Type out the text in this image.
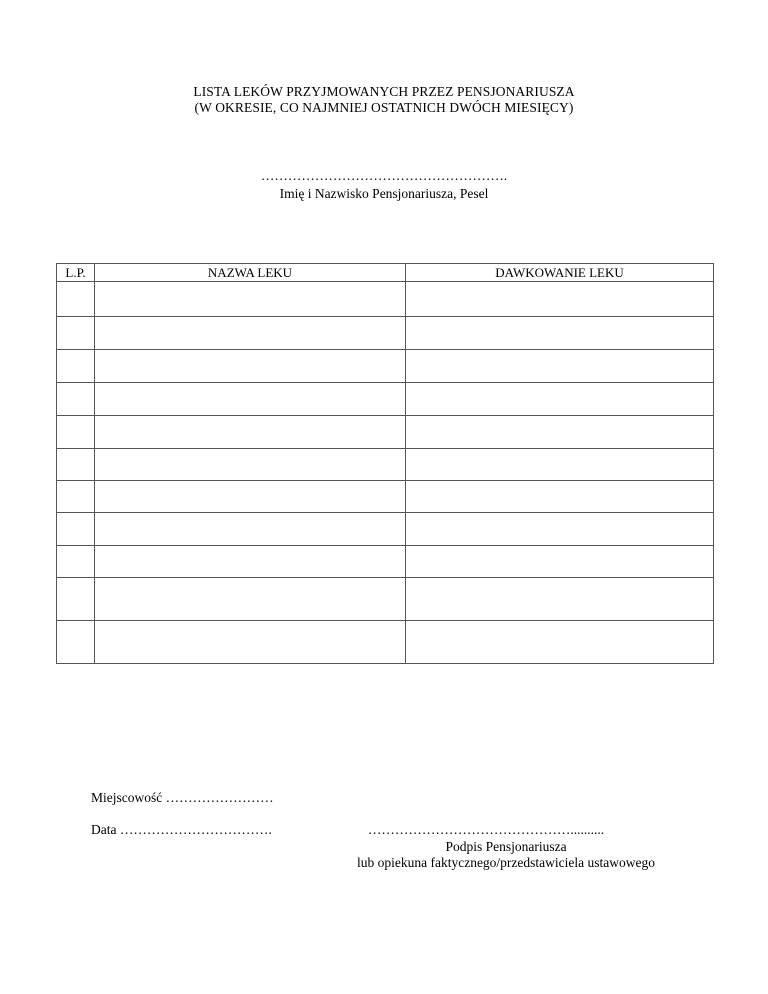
LISTA LEKÓW PRZYJMOWANYCH PRZEZ PENSJONARIUSZA
(W OKRESIE, CO NAJMNIEJ OSTATNICH DWÓCH MIESIĘCY)
……………………………………………….
Imię i Nazwisko Pensjonariusza, Pesel
L.P.	NAZWA LEKU	DAWKOWANIE LEKU

Miejscowość ……………………
Data …………………………….	………………………………………..........
Podpis Pensjonariusza
lub opiekuna faktycznego/przedstawiciela ustawowego
